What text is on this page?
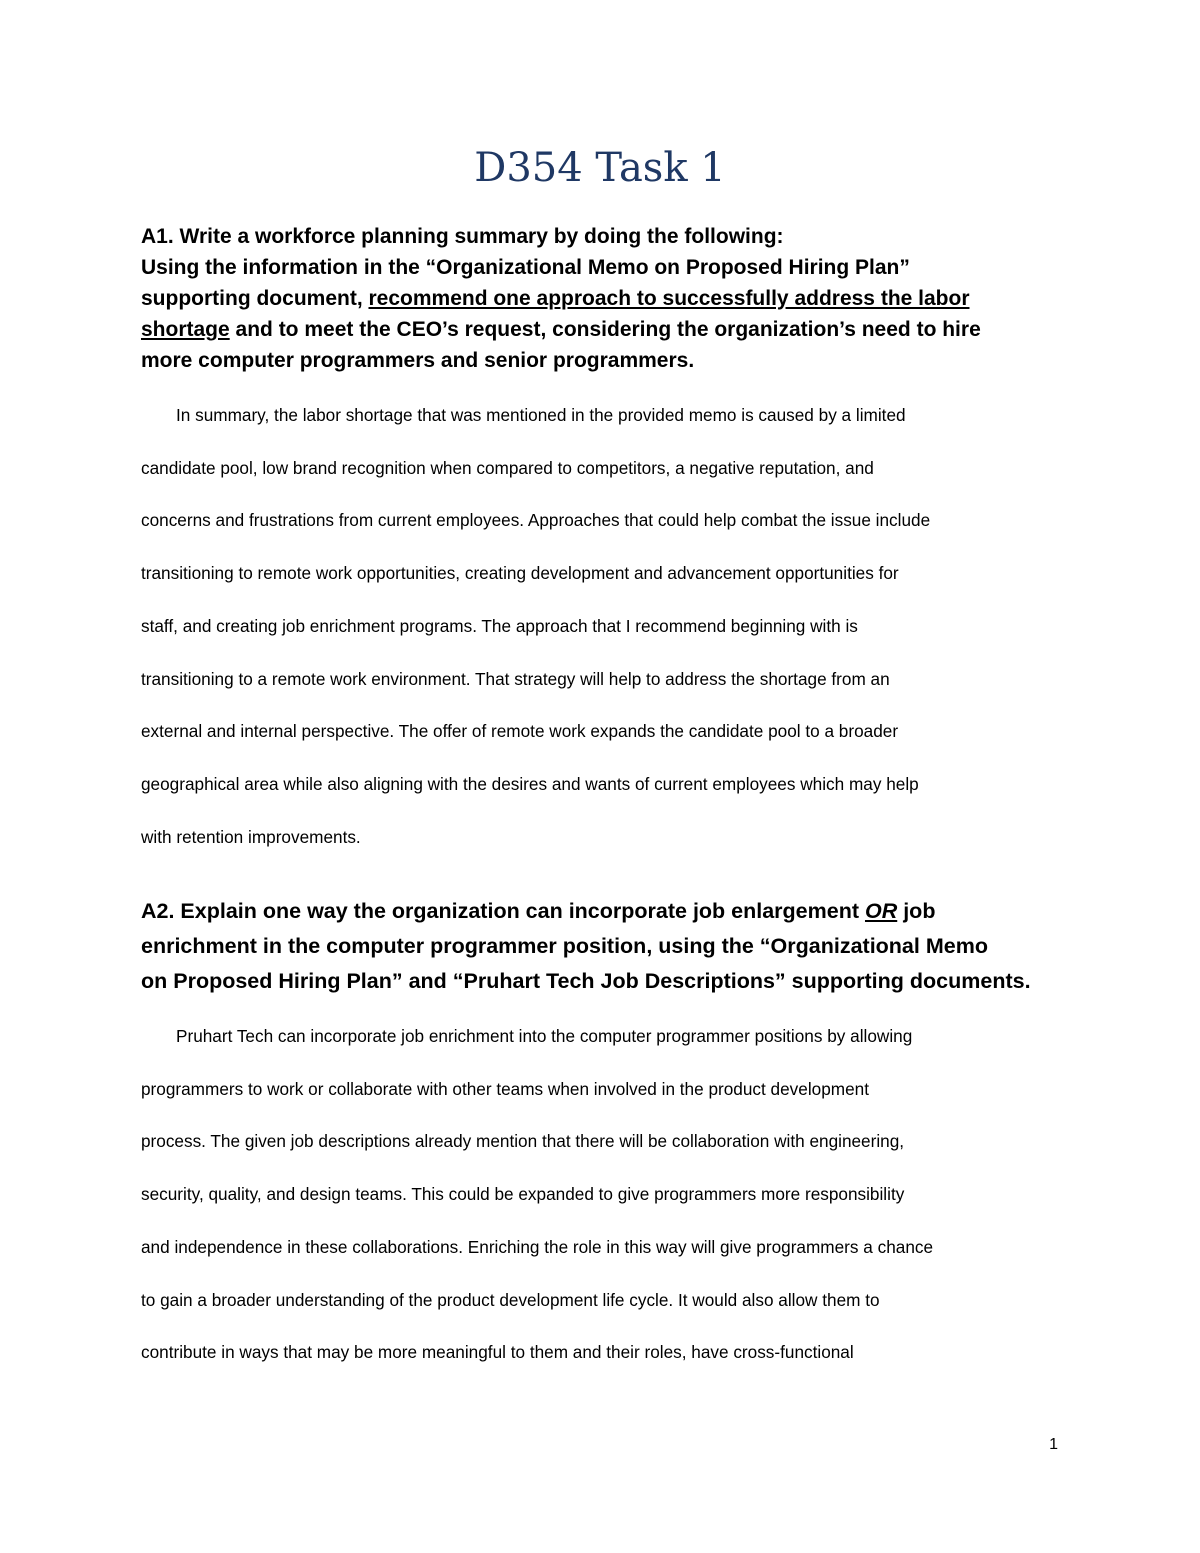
D354 Task 1

A1. Write a workforce planning summary by doing the following:
Using the information in the “Organizational Memo on Proposed Hiring Plan”
supporting document, recommend one approach to successfully address the labor
shortage and to meet the CEO’s request, considering the organization’s need to hire
more computer programmers and senior programmers.

In summary, the labor shortage that was mentioned in the provided memo is caused by a limited
candidate pool, low brand recognition when compared to competitors, a negative reputation, and
concerns and frustrations from current employees. Approaches that could help combat the issue include
transitioning to remote work opportunities, creating development and advancement opportunities for
staff, and creating job enrichment programs. The approach that I recommend beginning with is
transitioning to a remote work environment. That strategy will help to address the shortage from an
external and internal perspective. The offer of remote work expands the candidate pool to a broader
geographical area while also aligning with the desires and wants of current employees which may help
with retention improvements.

A2. Explain one way the organization can incorporate job enlargement OR job
enrichment in the computer programmer position, using the “Organizational Memo
on Proposed Hiring Plan” and “Pruhart Tech Job Descriptions” supporting documents.

Pruhart Tech can incorporate job enrichment into the computer programmer positions by allowing
programmers to work or collaborate with other teams when involved in the product development
process. The given job descriptions already mention that there will be collaboration with engineering,
security, quality, and design teams. This could be expanded to give programmers more responsibility
and independence in these collaborations. Enriching the role in this way will give programmers a chance
to gain a broader understanding of the product development life cycle. It would also allow them to
contribute in ways that may be more meaningful to them and their roles, have cross-functional

1
